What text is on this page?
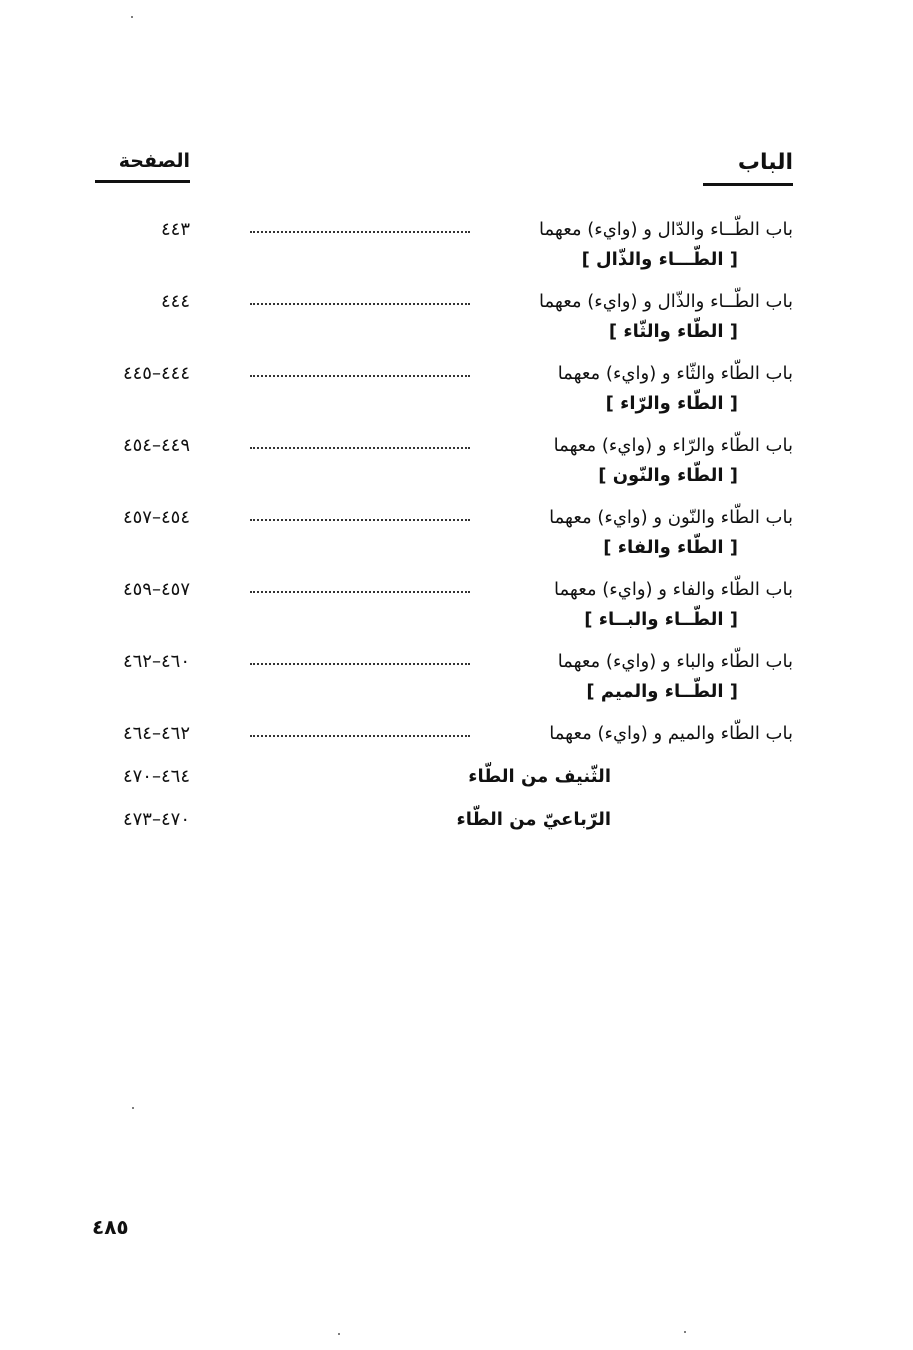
الباب
الصفحة
باب الطّــاء والدّال و (وايء) معهما
[ الطّـــاء والذّال ]
٤٤٣
باب الطّــاء والذّال و (وايء) معهما
[ الطّاء والثّاء ]
٤٤٤
باب الطّاء والثّاء و (وايء) معهما
[ الطّاء والرّاء ]
٤٤٤–٤٤٥
باب الطّاء والرّاء و (وايء) معهما
[ الطّاء والنّون ]
٤٤٩–٤٥٤
باب الطّاء والنّون و (وايء) معهما
[ الطّاء والفاء ]
٤٥٤–٤٥٧
باب الطّاء والفاء و (وايء) معهما
[ الطّــاء والبــاء ]
٤٥٧–٤٥٩
باب الطّاء والباء و (وايء) معهما
[ الطّــاء والميم ]
٤٦٠–٤٦٢
باب الطّاء والميم و (وايء) معهما
٤٦٢–٤٦٤
الثّنيف من الطّاء
٤٦٤–٤٧٠
الرّباعيّ من الطّاء
٤٧٠–٤٧٣
٤٨٥
